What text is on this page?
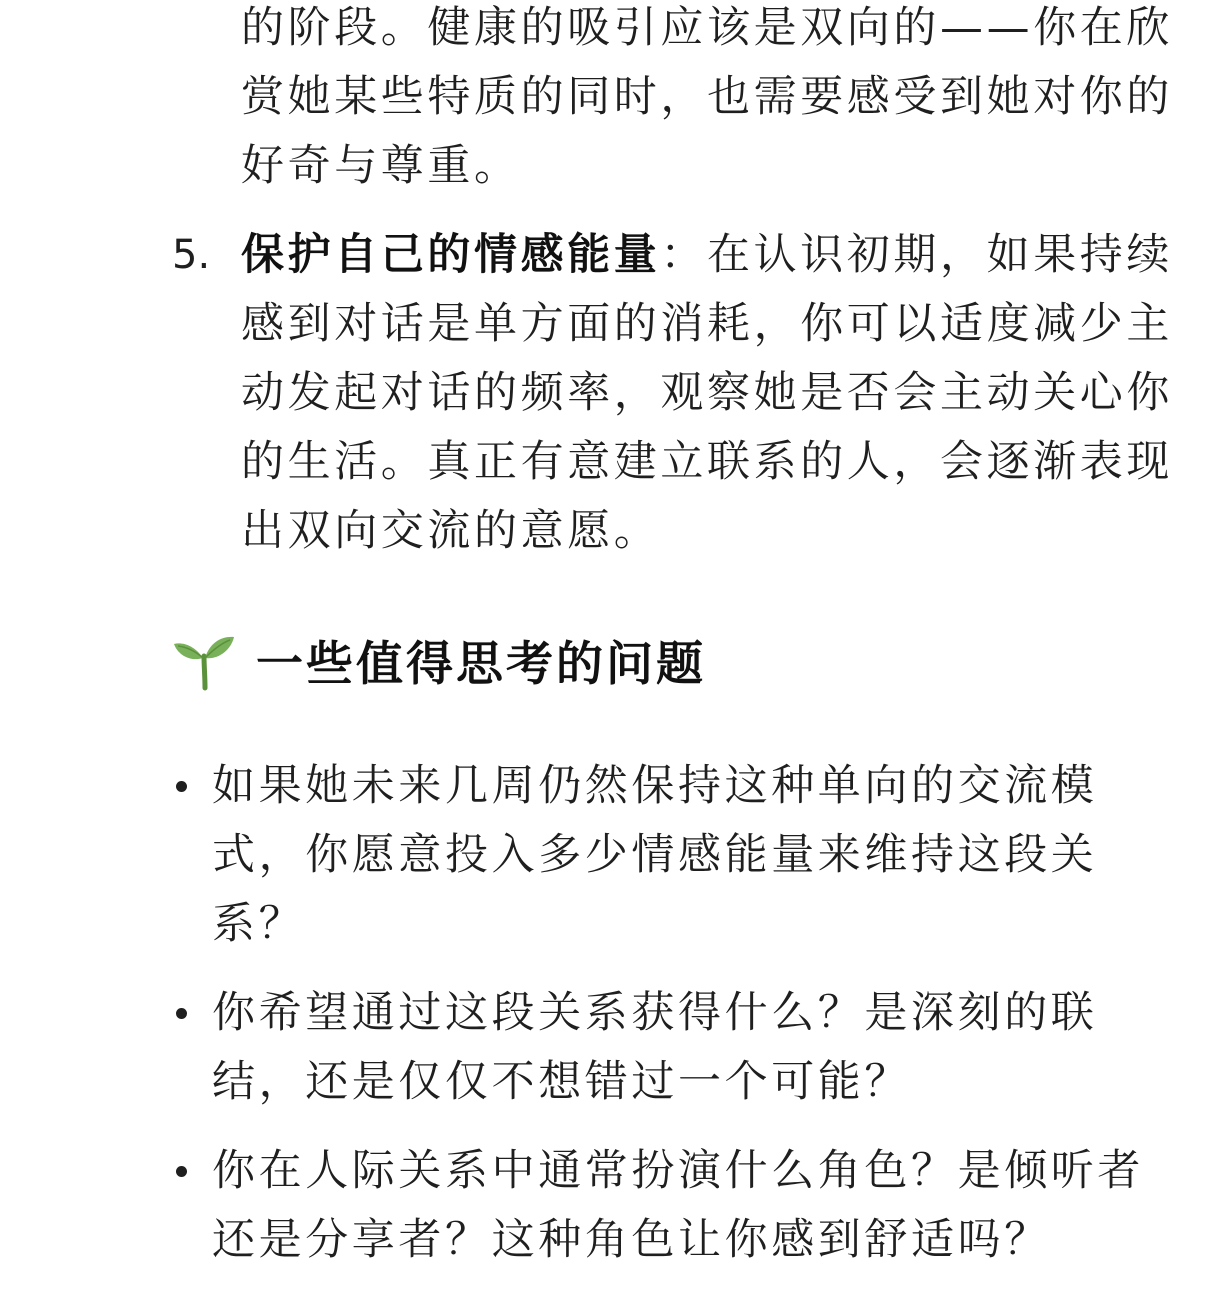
的阶段。健康的吸引应该是双向的——你在欣赏她某些特质的同时，也需要感受到她对你的好奇与尊重。
5. 保护自己的情感能量：在认识初期，如果持续感到对话是单方面的消耗，你可以适度减少主动发起对话的频率，观察她是否会主动关心你的生活。真正有意建立联系的人，会逐渐表现出双向交流的意愿。
一些值得思考的问题
如果她未来几周仍然保持这种单向的交流模式，你愿意投入多少情感能量来维持这段关系？
你希望通过这段关系获得什么？是深刻的联结，还是仅仅不想错过一个可能？
你在人际关系中通常扮演什么角色？是倾听者还是分享者？这种角色让你感到舒适吗？
